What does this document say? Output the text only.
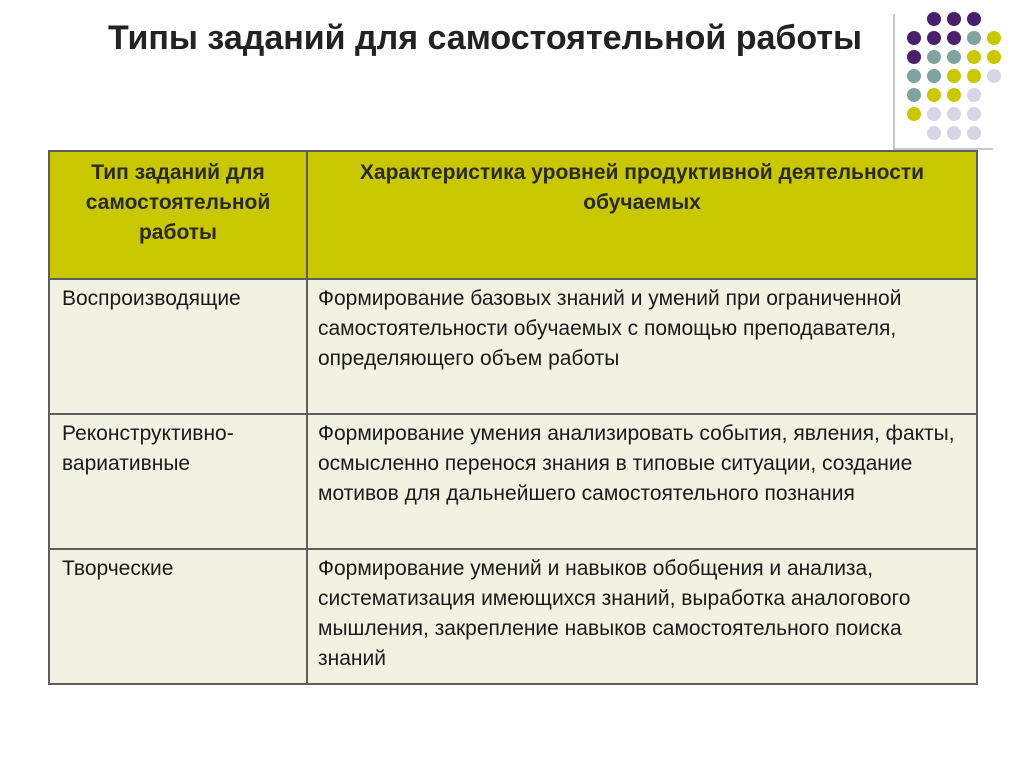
Типы заданий для самостоятельной работы
Тип заданий для самостоятельной работы	Характеристика уровней продуктивной деятельности обучаемых
Воспроизводящие	Формирование базовых знаний и умений при ограниченной самостоятельности обучаемых с помощью преподавателя, определяющего объем работы
Реконструктивно-вариативные	Формирование умения анализировать события, явления, факты, осмысленно перенося знания в типовые ситуации, создание мотивов для дальнейшего самостоятельного познания
Творческие	Формирование умений и навыков обобщения и анализа, систематизация имеющихся знаний, выработка аналогового мышления, закрепление навыков самостоятельного поиска знаний
